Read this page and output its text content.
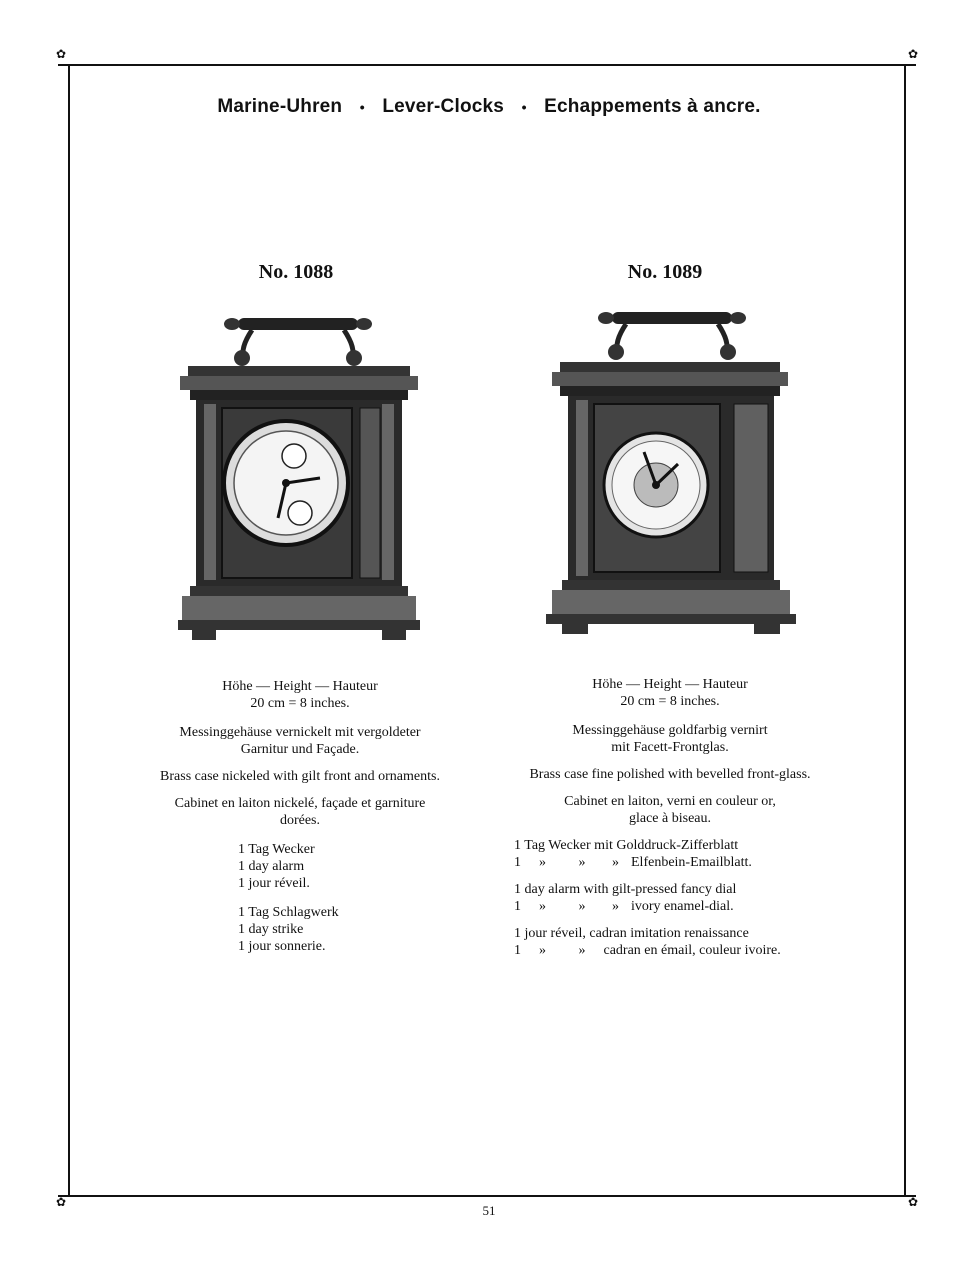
✿	✿
✿	✿
Marine-Uhren • Lever-Clocks • Echappements à ancre.
No. 1088	No. 1089

Höhe — Height — Hauteur

20 cm = 8 inches.

Messinggehäuse vernickelt mit vergoldeter

Garnitur und Façade.

Brass case nickeled with gilt front and ornaments.

Cabinet en laiton nickelé, façade et garniture

dorées.

1 Tag Wecker

1 day alarm

1 jour réveil.

1 Tag Schlagwerk

1 day strike

1 jour sonnerie.

Höhe — Height — Hauteur

20 cm = 8 inches.

Messinggehäuse goldfarbig vernirt

mit Facett-Frontglas.

Brass case fine polished with bevelled front-glass.

Cabinet en laiton, verni en couleur or,

glace à biseau.

1 Tag Wecker mit Golddruck-Zifferblatt

1 » » » Elfenbein-Emailblatt.

1 day alarm with gilt-pressed fancy dial

1 » » » ivory enamel-dial.

1 jour réveil, cadran imitation renaissance

1 » » cadran en émail, couleur ivoire.

51
